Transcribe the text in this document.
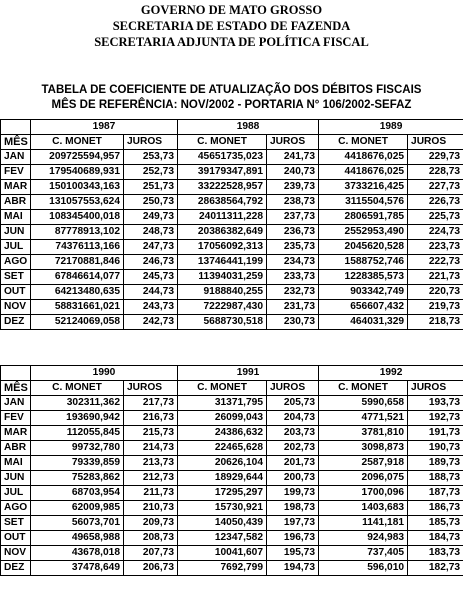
GOVERNO DE MATO GROSSO
SECRETARIA DE ESTADO DE FAZENDA
SECRETARIA ADJUNTA DE POLÍTICA FISCAL
TABELA DE COEFICIENTE DE ATUALIZAÇÃO DOS DÉBITOS FISCAIS
MÊS DE REFERÊNCIA: NOV/2002 - PORTARIA N° 106/2002-SEFAZ
	1987		1988		1989	
MÊS	C. MONET	JUROS	C. MONET	JUROS	C. MONET	JUROS
JAN	209725594,957	253,73	45651735,023	241,73	4418676,025	229,73
FEV	179540689,931	252,73	39179347,891	240,73	4418676,025	228,73
MAR	150100343,163	251,73	33222528,957	239,73	3733216,425	227,73
ABR	131057553,624	250,73	28638564,792	238,73	3115504,576	226,73
MAI	108345400,018	249,73	24011311,228	237,73	2806591,785	225,73
JUN	87778913,102	248,73	20386382,649	236,73	2552953,490	224,73
JUL	74376113,166	247,73	17056092,313	235,73	2045620,528	223,73
AGO	72170881,846	246,73	13746441,199	234,73	1588752,746	222,73
SET	67846614,077	245,73	11394031,259	233,73	1228385,573	221,73
OUT	64213480,635	244,73	9188840,255	232,73	903342,749	220,73
NOV	58831661,021	243,73	7222987,430	231,73	656607,432	219,73
DEZ	52124069,058	242,73	5688730,518	230,73	464031,329	218,73
	1990		1991		1992	
MÊS	C. MONET	JUROS	C. MONET	JUROS	C. MONET	JUROS
JAN	302311,362	217,73	31371,795	205,73	5990,658	193,73
FEV	193690,942	216,73	26099,043	204,73	4771,521	192,73
MAR	112055,845	215,73	24386,632	203,73	3781,810	191,73
ABR	99732,780	214,73	22465,628	202,73	3098,873	190,73
MAI	79339,859	213,73	20626,104	201,73	2587,918	189,73
JUN	75283,862	212,73	18929,644	200,73	2096,075	188,73
JUL	68703,954	211,73	17295,297	199,73	1700,096	187,73
AGO	62009,985	210,73	15730,921	198,73	1403,683	186,73
SET	56073,701	209,73	14050,439	197,73	1141,181	185,73
OUT	49658,988	208,73	12347,582	196,73	924,983	184,73
NOV	43678,018	207,73	10041,607	195,73	737,405	183,73
DEZ	37478,649	206,73	7692,799	194,73	596,010	182,73
